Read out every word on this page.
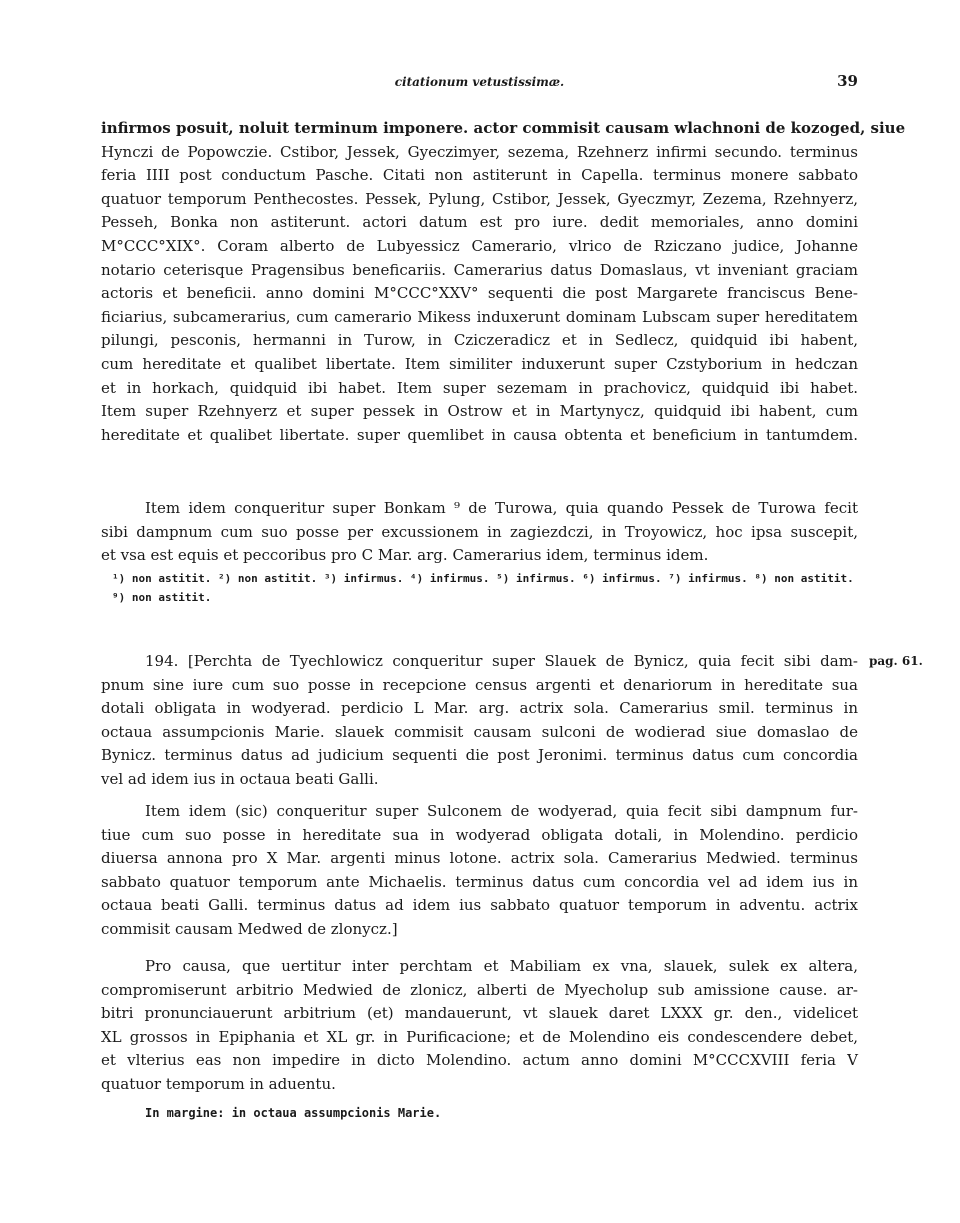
citationum vetustissimæ.	39
infirmos posuit, noluit terminum imponere. actor commisit causam wlachnoni de kozoged, siue
Hynczi de Popowczie. Cstibor, Jessek, Gyeczimyer, sezema, Rzehnerz infirmi secundo. terminus
feria IIII post conductum Pasche. Citati non astiterunt in Capella. terminus monere sabbato
quatuor temporum Penthecostes. Pessek, Pylung, Cstibor, Jessek, Gyeczmyr, Zezema, Rzehnyerz,
Pesseh, Bonka non astiterunt. actori datum est pro iure. dedit memoriales, anno domini
M°CCC°XIX°. Coram alberto de Lubyessicz Camerario, vlrico de Rziczano judice, Johanne
notario ceterisque Pragensibus beneficariis. Camerarius datus Domaslaus, vt inveniant graciam
actoris et beneficii. anno domini M°CCC°XXV° sequenti die post Margarete franciscus Bene-
ficiarius, subcamerarius, cum camerario Mikess induxerunt dominam Lubscam super hereditatem
pilungi, pesconis, hermanni in Turow, in Cziczeradicz et in Sedlecz, quidquid ibi habent,
cum hereditate et qualibet libertate. Item similiter induxerunt super Czstyborium in hedczan
et in horkach, quidquid ibi habet. Item super sezemam in prachovicz, quidquid ibi habet.
Item super Rzehnyerz et super pessek in Ostrow et in Martynycz, quidquid ibi habent, cum
hereditate et qualibet libertate. super quemlibet in causa obtenta et beneficium in tantumdem.
Item idem conqueritur super Bonkam ⁹ de Turowa, quia quando Pessek de Turowa fecit
sibi dampnum cum suo posse per excussionem in zagiezdczi, in Troyowicz, hoc ipsa suscepit,
et vsa est equis et peccoribus pro C Mar. arg. Camerarius idem, terminus idem.
¹) non astitit. ²) non astitit. ³) infirmus. ⁴) infirmus. ⁵) infirmus. ⁶) infirmus. ⁷) infirmus. ⁸) non astitit.
⁹) non astitit.
194. [Perchta de Tyechlowicz conqueritur super Slauek de Bynicz, quia fecit sibi dam-
pnum sine iure cum suo posse in recepcione census argenti et denariorum in hereditate sua
dotali obligata in wodyerad. perdicio L Mar. arg. actrix sola. Camerarius smil. terminus in
octaua assumpcionis Marie. slauek commisit causam sulconi de wodierad siue domaslao de
Bynicz. terminus datus ad judicium sequenti die post Jeronimi. terminus datus cum concordia
vel ad idem ius in octaua beati Galli.
Item idem (sic) conqueritur super Sulconem de wodyerad, quia fecit sibi dampnum fur-
tiue cum suo posse in hereditate sua in wodyerad obligata dotali, in Molendino. perdicio
diuersa annona pro X Mar. argenti minus lotone. actrix sola. Camerarius Medwied. terminus
sabbato quatuor temporum ante Michaelis. terminus datus cum concordia vel ad idem ius in
octaua beati Galli. terminus datus ad idem ius sabbato quatuor temporum in adventu. actrix
commisit causam Medwed de zlonycz.]
Pro causa, que uertitur inter perchtam et Mabiliam ex vna, slauek, sulek ex altera,
compromiserunt arbitrio Medwied de zlonicz, alberti de Myecholup sub amissione cause. ar-
bitri pronunciauerunt arbitrium (et) mandauerunt, vt slauek daret LXXX gr. den., videlicet
XL grossos in Epiphania et XL gr. in Purificacione; et de Molendino eis condescendere debet,
et vlterius eas non impedire in dicto Molendino. actum anno domini M°CCCXVIII feria V
quatuor temporum in aduentu.
In margine: in octaua assumpcionis Marie.
pag. 61.
